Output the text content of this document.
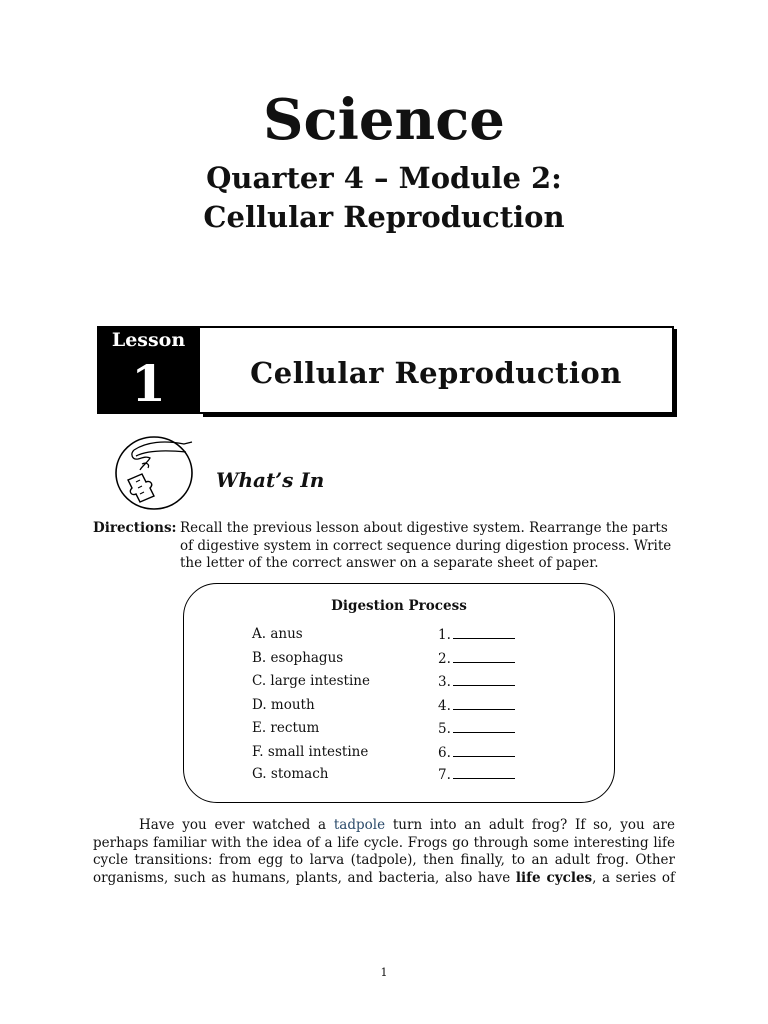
Science
Quarter 4 – Module 2:
Cellular Reproduction
Lesson
1	Cellular Reproduction
What’s In
Directions: Recall the previous lesson about digestive system. Rearrange the parts of digestive system in correct sequence during digestion process. Write the letter of the correct answer on a separate sheet of paper.
Digestion Process
A. anus
B. esophagus
C. large intestine
D. mouth
E. rectum
F. small intestine
G. stomach
1.
2.
3.
4.
5.
6.
7.
Have you ever watched a tadpole turn into an adult frog? If so, you are
perhaps familiar with the idea of a life cycle. Frogs go through some interesting life
cycle transitions: from egg to larva (tadpole), then finally, to an adult frog. Other
organisms, such as humans, plants, and bacteria, also have life cycles, a series of
1
